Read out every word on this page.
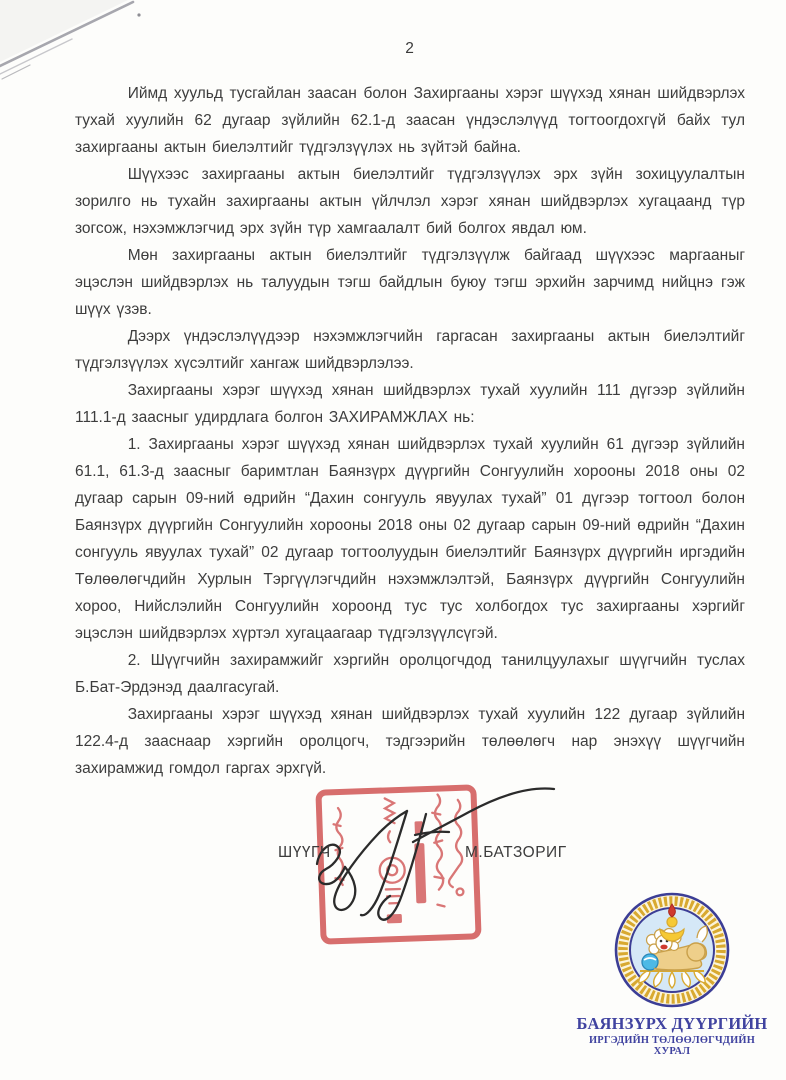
2

Иймд хуульд тусгайлан заасан болон Захиргааны хэрэг шүүхэд хянан шийдвэрлэх тухай хуулийн 62 дугаар зүйлийн 62.1-д заасан үндэслэлүүд тогтоогдохгүй байх тул захиргааны актын биелэлтийг түдгэлзүүлэх нь зүйтэй байна.

Шүүхээс захиргааны актын биелэлтийг түдгэлзүүлэх эрх зүйн зохицуулалтын зорилго нь тухайн захиргааны актын үйлчлэл хэрэг хянан шийдвэрлэх хугацаанд түр зогсож, нэхэмжлэгчид эрх зүйн түр хамгаалалт бий болгох явдал юм.

Мөн захиргааны актын биелэлтийг түдгэлзүүлж байгаад шүүхээс маргааныг эцэслэн шийдвэрлэх нь талуудын тэгш байдлын буюу тэгш эрхийн зарчимд нийцнэ гэж шүүх үзэв.

Дээрх үндэслэлүүдээр нэхэмжлэгчийн гаргасан захиргааны актын биелэлтийг түдгэлзүүлэх хүсэлтийг хангаж шийдвэрлэлээ.

Захиргааны хэрэг шүүхэд хянан шийдвэрлэх тухай хуулийн 111 дүгээр зүйлийн 111.1-д заасныг удирдлага болгон ЗАХИРАМЖЛАХ нь:

1. Захиргааны хэрэг шүүхэд хянан шийдвэрлэх тухай хуулийн 61 дүгээр зүйлийн 61.1, 61.3-д заасныг баримтлан Баянзүрх дүүргийн Сонгуулийн хорооны 2018 оны 02 дугаар сарын 09-ний өдрийн “Дахин сонгууль явуулах тухай” 01 дүгээр тогтоол болон Баянзүрх дүүргийн Сонгуулийн хорооны 2018 оны 02 дугаар сарын 09-ний өдрийн “Дахин сонгууль явуулах тухай” 02 дугаар тогтоолуудын биелэлтийг Баянзүрх дүүргийн иргэдийн Төлөөлөгчдийн Хурлын Тэргүүлэгчдийн нэхэмжлэлтэй, Баянзүрх дүүргийн Сонгуулийн хороо, Нийслэлийн Сонгуулийн хороонд тус тус холбогдох тус захиргааны хэргийг эцэслэн шийдвэрлэх хүртэл хугацаагаар түдгэлзүүлсүгэй.

2. Шүүгчийн захирамжийг хэргийн оролцогчдод танилцуулахыг шүүгчийн туслах Б.Бат-Эрдэнэд даалгасугай.

Захиргааны хэрэг шүүхэд хянан шийдвэрлэх тухай хуулийн 122 дугаар зүйлийн 122.4-д зааснаар хэргийн оролцогч, тэдгээрийн төлөөлөгч нар энэхүү шүүгчийн захирамжид гомдол гаргах эрхгүй.

ШҮҮГЧ	М.БАТЗОРИГ
БАЯНЗҮРХ ДҮҮРГИЙН
ИРГЭДИЙН ТӨЛӨӨЛӨГЧДИЙН ХУРАЛ
